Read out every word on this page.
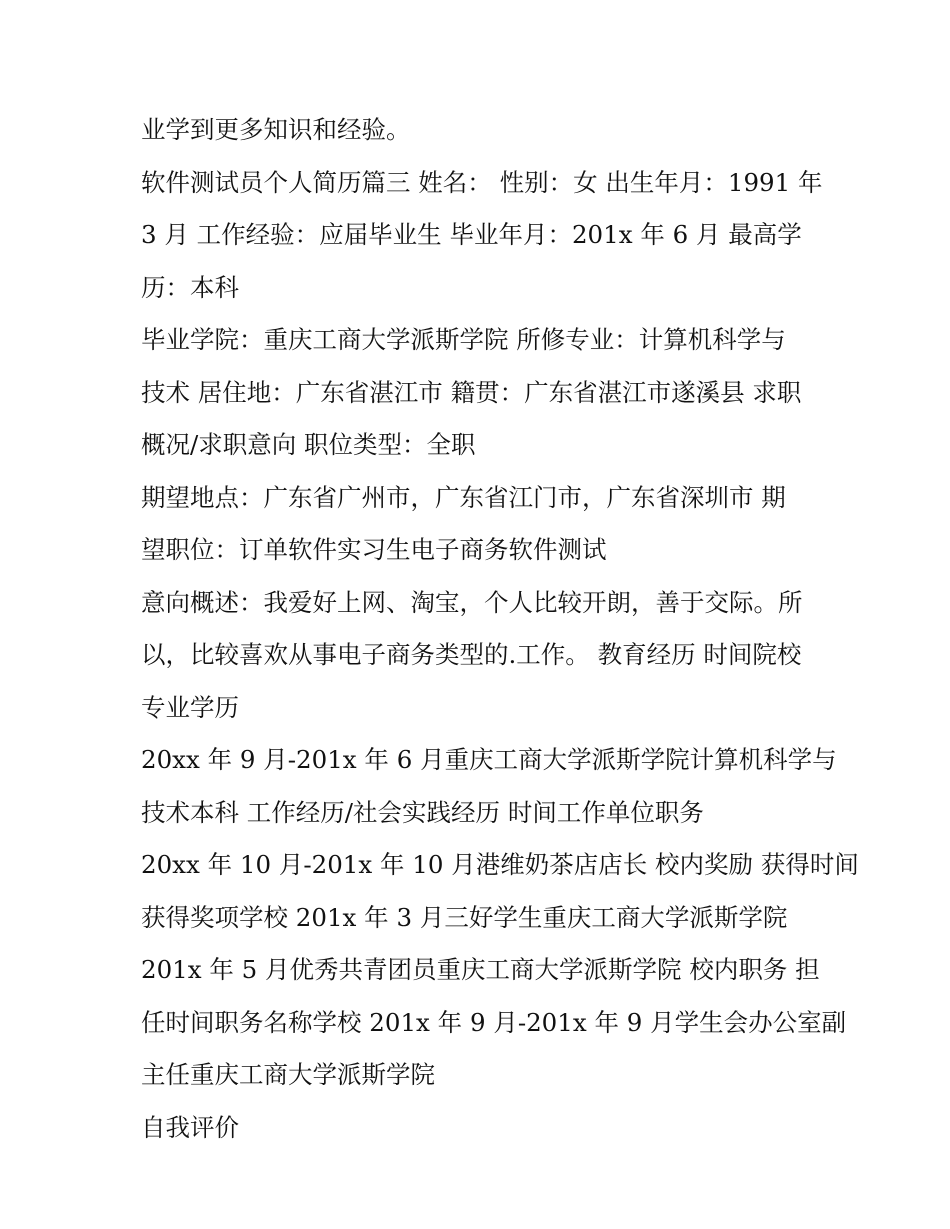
业学到更多知识和经验。
软件测试员个人简历篇三 姓名： 性别：女 出生年月：1991 年
3 月 工作经验：应届毕业生 毕业年月：201x 年 6 月 最高学
历：本科
毕业学院：重庆工商大学派斯学院 所修专业：计算机科学与
技术 居住地：广东省湛江市 籍贯：广东省湛江市遂溪县 求职
概况/求职意向 职位类型：全职
期望地点：广东省广州市，广东省江门市，广东省深圳市 期
望职位：订单软件实习生电子商务软件测试
意向概述：我爱好上网、淘宝，个人比较开朗，善于交际。所
以，比较喜欢从事电子商务类型的.工作。 教育经历 时间院校
专业学历
20xx 年 9 月-201x 年 6 月重庆工商大学派斯学院计算机科学与
技术本科 工作经历/社会实践经历 时间工作单位职务
20xx 年 10 月-201x 年 10 月港维奶茶店店长 校内奖励 获得时间
获得奖项学校 201x 年 3 月三好学生重庆工商大学派斯学院
201x 年 5 月优秀共青团员重庆工商大学派斯学院 校内职务 担
任时间职务名称学校 201x 年 9 月-201x 年 9 月学生会办公室副
主任重庆工商大学派斯学院
自我评价
